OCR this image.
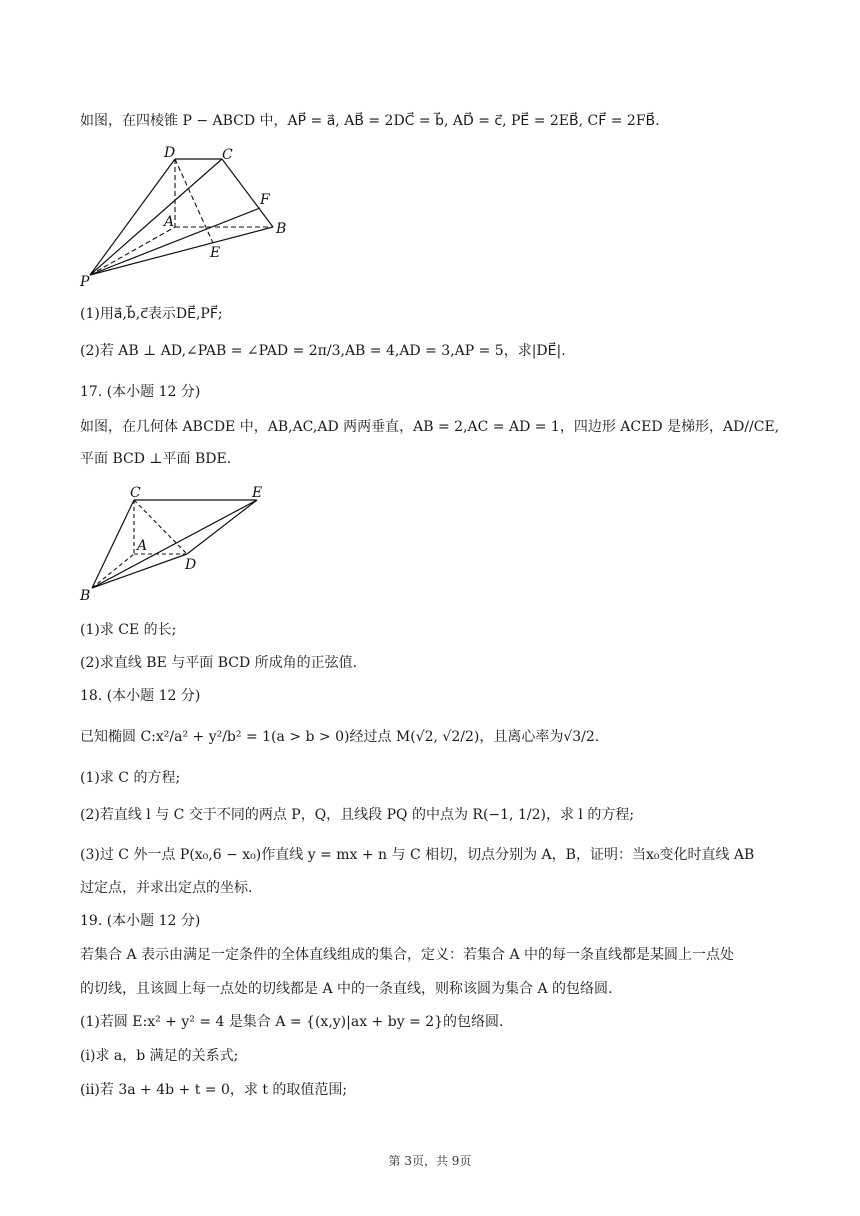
如图，在四棱锥 P − ABCD 中，AP⃗ = a⃗, AB⃗ = 2DC⃗ = b⃗, AD⃗ = c⃗, PE⃗ = 2EB⃗, CF⃗ = 2FB⃗.
D	C
F
A	B
E
P
(1)用a⃗,b⃗,c⃗表示DE⃗,PF⃗;
(2)若 AB ⊥ AD,∠PAB = ∠PAD = 2π/3,AB = 4,AD = 3,AP = 5，求|DE⃗|.
17. (本小题 12 分)
如图，在几何体 ABCDE 中，AB,AC,AD 两两垂直，AB = 2,AC = AD = 1，四边形 ACED 是梯形，AD//CE,
平面 BCD ⊥平面 BDE.
C	E
A
D
B
(1)求 CE 的长;
(2)求直线 BE 与平面 BCD 所成角的正弦值.
18. (本小题 12 分)
已知椭圆 C:x²/a² + y²/b² = 1(a > b > 0)经过点 M(√2, √2/2)，且离心率为√3/2.
(1)求 C 的方程;
(2)若直线 l 与 C 交于不同的两点 P，Q，且线段 PQ 的中点为 R(−1, 1/2)，求 l 的方程;
(3)过 C 外一点 P(x₀,6 − x₀)作直线 y = mx + n 与 C 相切，切点分别为 A，B，证明：当x₀变化时直线 AB
过定点，并求出定点的坐标.
19. (本小题 12 分)
若集合 A 表示由满足一定条件的全体直线组成的集合，定义：若集合 A 中的每一条直线都是某圆上一点处
的切线，且该圆上每一点处的切线都是 A 中的一条直线，则称该圆为集合 A 的包络圆.
(1)若圆 E:x² + y² = 4 是集合 A = {(x,y)|ax + by = 2}的包络圆.
(i)求 a，b 满足的关系式;
(ii)若 3a + 4b + t = 0，求 t 的取值范围;
第 3页，共 9页
